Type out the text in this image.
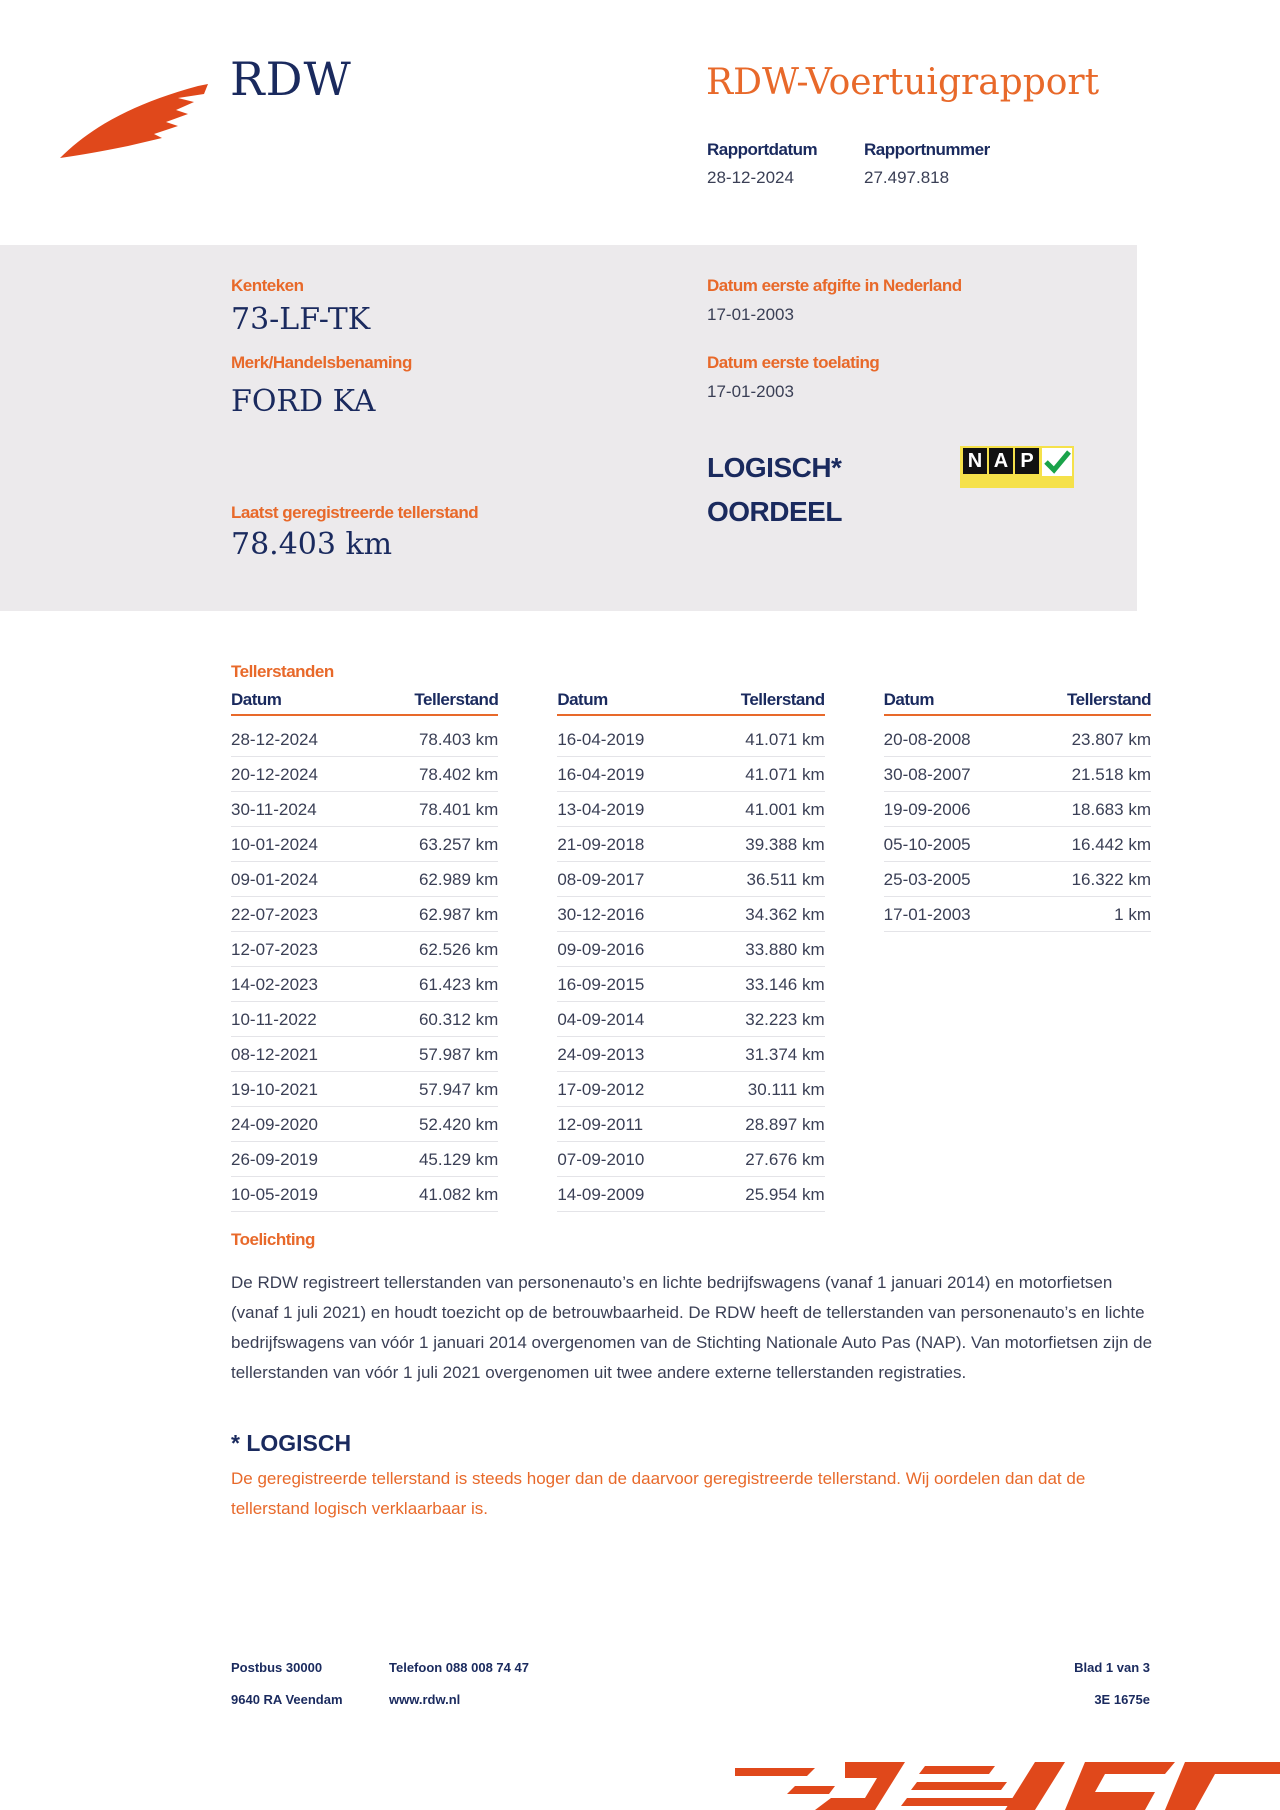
RDW	RDW-Voertuigrapport
Rapportdatum
28-12-2024
Rapportnummer
27.497.818
Kenteken
73-LF-TK
Merk/Handelsbenaming
FORD KA
Laatst geregistreerde tellerstand
78.403 km
Datum eerste afgifte in Nederland
17-01-2003
Datum eerste toelating
17-01-2003
LOGISCH*
OORDEEL
N A P
Tellerstanden
Datum	Tellerstand
28-12-2024	78.403 km
20-12-2024	78.402 km
30-11-2024	78.401 km
10-01-2024	63.257 km
09-01-2024	62.989 km
22-07-2023	62.987 km
12-07-2023	62.526 km
14-02-2023	61.423 km
10-11-2022	60.312 km
08-12-2021	57.987 km
19-10-2021	57.947 km
24-09-2020	52.420 km
26-09-2019	45.129 km
10-05-2019	41.082 km
Datum	Tellerstand
16-04-2019	41.071 km
16-04-2019	41.071 km
13-04-2019	41.001 km
21-09-2018	39.388 km
08-09-2017	36.511 km
30-12-2016	34.362 km
09-09-2016	33.880 km
16-09-2015	33.146 km
04-09-2014	32.223 km
24-09-2013	31.374 km
17-09-2012	30.111 km
12-09-2011	28.897 km
07-09-2010	27.676 km
14-09-2009	25.954 km
Datum	Tellerstand
20-08-2008	23.807 km
30-08-2007	21.518 km
19-09-2006	18.683 km
05-10-2005	16.442 km
25-03-2005	16.322 km
17-01-2003	1 km
Toelichting
De RDW registreert tellerstanden van personenauto’s en lichte bedrijfswagens (vanaf 1 januari 2014) en motorfietsen (vanaf 1 juli 2021) en houdt toezicht op de betrouwbaarheid. De RDW heeft de tellerstanden van personenauto’s en lichte bedrijfswagens van vóór 1 januari 2014 overgenomen van de Stichting Nationale Auto Pas (NAP). Van motorfietsen zijn de tellerstanden van vóór 1 juli 2021 overgenomen uit twee andere externe tellerstanden registraties.
* LOGISCH
De geregistreerde tellerstand is steeds hoger dan de daarvoor geregistreerde tellerstand. Wij oordelen dan dat de tellerstand logisch verklaarbaar is.
Postbus 30000
9640 RA Veendam
Telefoon 088 008 74 47
www.rdw.nl
Blad 1 van 3
3E 1675e
